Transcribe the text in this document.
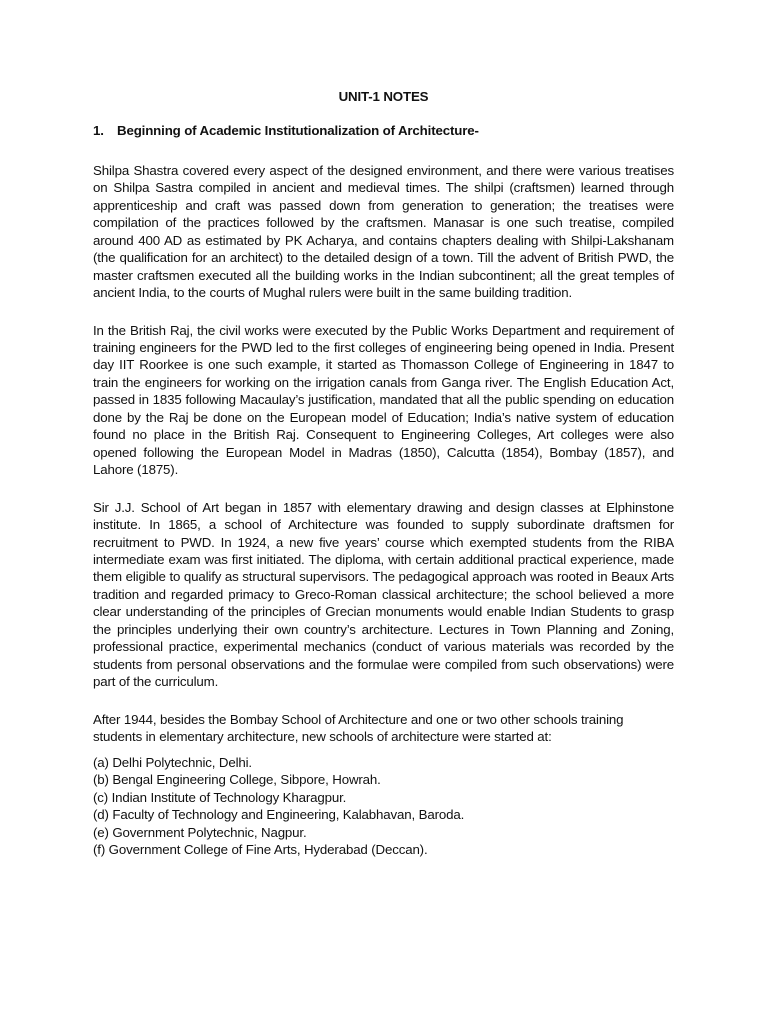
UNIT-1 NOTES
1. Beginning of Academic Institutionalization of Architecture-

Shilpa Shastra covered every aspect of the designed environment, and there were various treatises on Shilpa Sastra compiled in ancient and medieval times. The shilpi (craftsmen) learned through apprenticeship and craft was passed down from generation to generation; the treatises were compilation of the practices followed by the craftsmen. Manasar is one such treatise, compiled around 400 AD as estimated by PK Acharya, and contains chapters dealing with Shilpi-Lakshanam (the qualification for an architect) to the detailed design of a town. Till the advent of British PWD, the master craftsmen executed all the building works in the Indian subcontinent; all the great temples of ancient India, to the courts of Mughal rulers were built in the same building tradition.

In the British Raj, the civil works were executed by the Public Works Department and requirement of training engineers for the PWD led to the first colleges of engineering being opened in India. Present day IIT Roorkee is one such example, it started as Thomasson College of Engineering in 1847 to train the engineers for working on the irrigation canals from Ganga river. The English Education Act, passed in 1835 following Macaulay’s justification, mandated that all the public spending on education done by the Raj be done on the European model of Education; India’s native system of education found no place in the British Raj. Consequent to Engineering Colleges, Art colleges were also opened following the European Model in Madras (1850), Calcutta (1854), Bombay (1857), and Lahore (1875).

Sir J.J. School of Art began in 1857 with elementary drawing and design classes at Elphinstone institute. In 1865, a school of Architecture was founded to supply subordinate draftsmen for recruitment to PWD. In 1924, a new five years’ course which exempted students from the RIBA intermediate exam was first initiated. The diploma, with certain additional practical experience, made them eligible to qualify as structural supervisors. The pedagogical approach was rooted in Beaux Arts tradition and regarded primacy to Greco-Roman classical architecture; the school believed a more clear understanding of the principles of Grecian monuments would enable Indian Students to grasp the principles underlying their own country’s architecture. Lectures in Town Planning and Zoning, professional practice, experimental mechanics (conduct of various materials was recorded by the students from personal observations and the formulae were compiled from such observations) were part of the curriculum.

After 1944, besides the Bombay School of Architecture and one or two other schools training students in elementary architecture, new schools of architecture were started at:

(a) Delhi Polytechnic, Delhi.
(b) Bengal Engineering College, Sibpore, Howrah.
(c) Indian Institute of Technology Kharagpur.
(d) Faculty of Technology and Engineering, Kalabhavan, Baroda.
(e) Government Polytechnic, Nagpur.
(f) Government College of Fine Arts, Hyderabad (Deccan).
